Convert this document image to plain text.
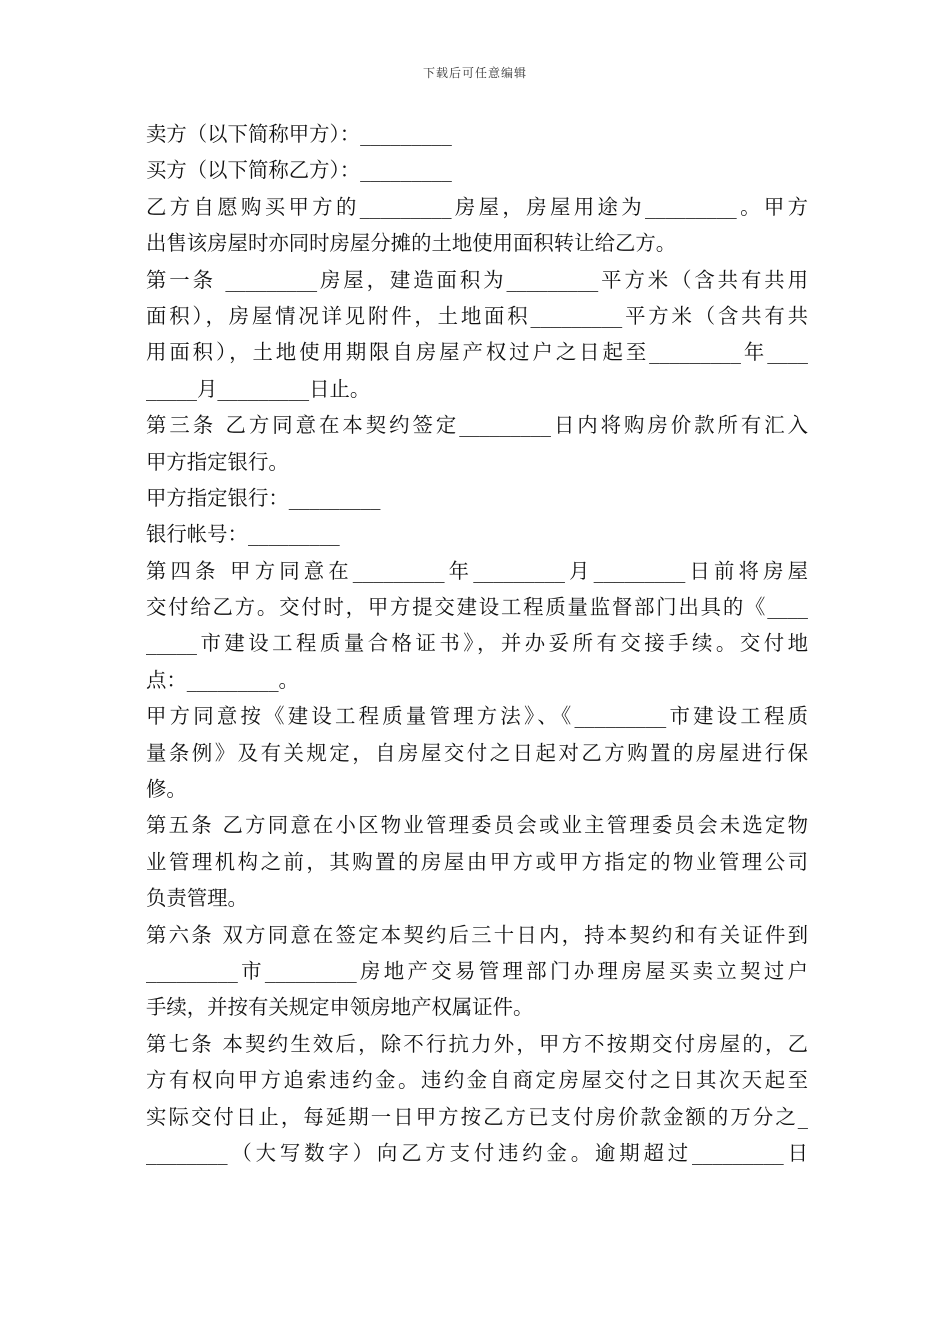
下载后可任意编辑
卖方（以下简称甲方）：_________
买方（以下简称乙方）：_________
乙方自愿购买甲方的_________房屋，房屋用途为_________。甲方
出售该房屋时亦同时房屋分摊的土地使用面积转让给乙方。
第一条 _________房屋，建造面积为_________平方米（含共有共用
面积），房屋情况详见附件，土地面积_________平方米（含共有共
用面积），土地使用期限自房屋产权过户之日起至_________年____
_____月_________日止。
第三条 乙方同意在本契约签定_________日内将购房价款所有汇入
甲方指定银行。
甲方指定银行：_________
银行帐号：_________
第四条 甲方同意在_________年_________月_________日前将房屋
交付给乙方。交付时，甲方提交建设工程质量监督部门出具的《____
_____市建设工程质量合格证书》，并办妥所有交接手续。交付地
点：_________。
甲方同意按《建设工程质量管理方法》、《_________市建设工程质
量条例》及有关规定，自房屋交付之日起对乙方购置的房屋进行保
修。
第五条 乙方同意在小区物业管理委员会或业主管理委员会未选定物
业管理机构之前，其购置的房屋由甲方或甲方指定的物业管理公司
负责管理。
第六条 双方同意在签定本契约后三十日内，持本契约和有关证件到
_________市_________房地产交易管理部门办理房屋买卖立契过户
手续，并按有关规定申领房地产权属证件。
第七条 本契约生效后，除不行抗力外，甲方不按期交付房屋的，乙
方有权向甲方追索违约金。违约金自商定房屋交付之日其次天起至
实际交付日止，每延期一日甲方按乙方已支付房价款金额的万分之_
________（大写数字）向乙方支付违约金。逾期超过_________日
